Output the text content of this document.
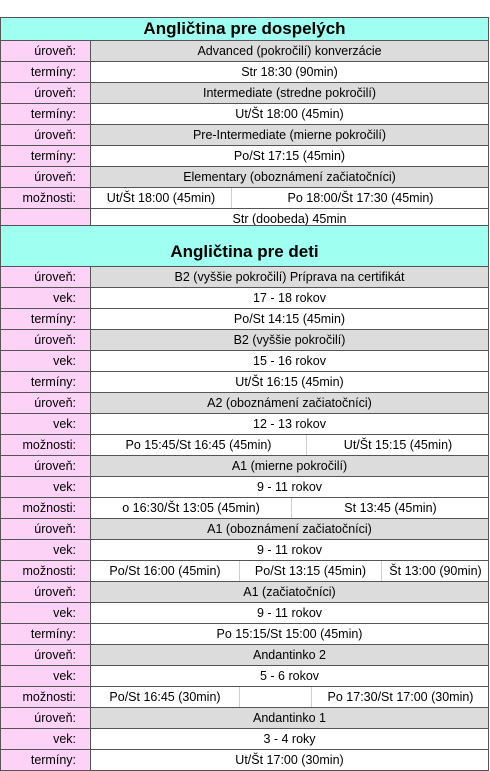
Angličtina pre dospelých
úroveň:	Advanced (pokročilí) konverzácie
termíny:	Str 18:30 (90min)
úroveň:	Intermediate (stredne pokročilí)
termíny:	Ut/Št 18:00 (45min)
úroveň:	Pre-Intermediate (mierne pokročilí)
termíny:	Po/St 17:15 (45min)
úroveň:	Elementary (oboznámení začiatočníci)
možnosti:	Ut/Št 18:00 (45min)	Po 18:00/Št 17:30 (45min)
Str (doobeda) 45min
Angličtina pre deti
úroveň:	B2 (vyššie pokročilí) Príprava na certifikát
vek:	17 - 18 rokov
termíny:	Po/St 14:15 (45min)
úroveň:	B2 (vyššie pokročilí)
vek:	15 - 16 rokov
termíny:	Ut/Št 16:15 (45min)
úroveň:	A2 (oboznámení začiatočníci)
vek:	12 - 13 rokov
možnosti:	Po 15:45/St 16:45 (45min)	Ut/Št 15:15 (45min)
úroveň:	A1 (mierne pokročilí)
vek:	9 - 11 rokov
možnosti:	o 16:30/Št 13:05 (45min)	St 13:45 (45min)
úroveň:	A1 (oboznámení začiatočníci)
vek:	9 - 11 rokov
možnosti:	Po/St 16:00 (45min)	Po/St 13:15 (45min)	Št 13:00 (90min)
úroveň:	A1 (začiatočníci)
vek:	9 - 11 rokov
termíny:	Po 15:15/St 15:00 (45min)
úroveň:	Andantinko 2
vek:	5 - 6 rokov
možnosti:	Po/St 16:45 (30min)	Po 17:30/St 17:00 (30min)
úroveň:	Andantinko 1
vek:	3 - 4 roky
termíny:	Ut/Št 17:00 (30min)
